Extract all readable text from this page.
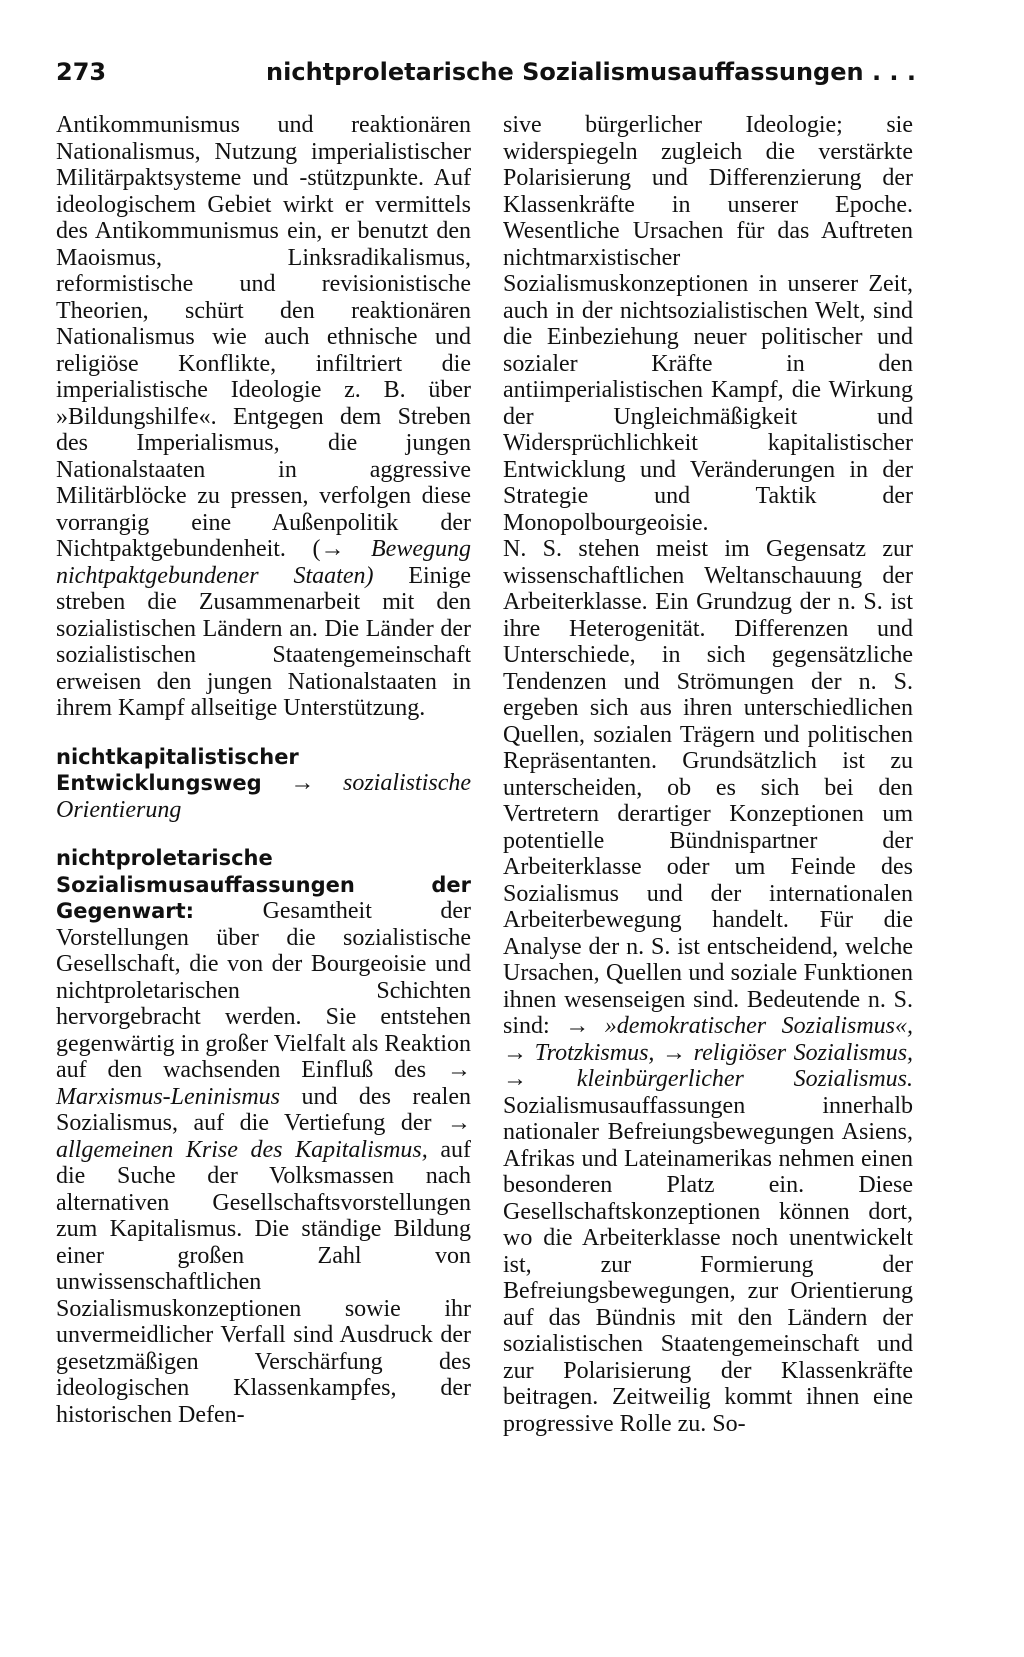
273	nichtproletarische Sozialismusauffassungen . . .

Antikommunismus und reaktionären Nationalismus, Nutzung imperialistischer Militärpaktsysteme und -stützpunkte. Auf ideologischem Gebiet wirkt er vermittels des Antikommunismus ein, er benutzt den Maoismus, Linksradikalismus, reformistische und revisionistische Theorien, schürt den reaktionären Nationalismus wie auch ethnische und religiöse Konflikte, infiltriert die imperialistische Ideologie z. B. über »Bildungshilfe«. Entgegen dem Streben des Imperialismus, die jungen Nationalstaaten in aggressive Militärblöcke zu pressen, verfolgen diese vorrangig eine Außenpolitik der Nichtpaktgebundenheit. (→ Bewegung nichtpaktgebundener Staaten) Einige streben die Zusammenarbeit mit den sozialistischen Ländern an. Die Länder der sozialistischen Staatengemeinschaft erweisen den jungen Nationalstaaten in ihrem Kampf allseitige Unterstützung.

nichtkapitalistischer Entwicklungsweg → sozialistische Orientierung

nichtproletarische Sozialismusauffassungen der Gegenwart: Gesamtheit der Vorstellungen über die sozialistische Gesellschaft, die von der Bourgeoisie und nichtproletarischen Schichten hervorgebracht werden. Sie entstehen gegenwärtig in großer Vielfalt als Reaktion auf den wachsenden Einfluß des → Marxismus-Leninismus und des realen Sozialismus, auf die Vertiefung der → allgemeinen Krise des Kapitalismus, auf die Suche der Volksmassen nach alternativen Gesellschaftsvorstellungen zum Kapitalismus. Die ständige Bildung einer großen Zahl von unwissenschaftlichen Sozialismuskonzeptionen sowie ihr unvermeidlicher Verfall sind Ausdruck der gesetzmäßigen Verschärfung des ideologischen Klassenkampfes, der historischen Defen-

sive bürgerlicher Ideologie; sie widerspiegeln zugleich die verstärkte Polarisierung und Differenzierung der Klassenkräfte in unserer Epoche. Wesentliche Ursachen für das Auftreten nichtmarxistischer Sozialismuskonzeptionen in unserer Zeit, auch in der nichtsozialistischen Welt, sind die Einbeziehung neuer politischer und sozialer Kräfte in den antiimperialistischen Kampf, die Wirkung der Ungleichmäßigkeit und Widersprüchlichkeit kapitalistischer Entwicklung und Veränderungen in der Strategie und Taktik der Monopolbourgeoisie.

N. S. stehen meist im Gegensatz zur wissenschaftlichen Weltanschauung der Arbeiterklasse. Ein Grundzug der n. S. ist ihre Heterogenität. Differenzen und Unterschiede, in sich gegensätzliche Tendenzen und Strömungen der n. S. ergeben sich aus ihren unterschiedlichen Quellen, sozialen Trägern und politischen Repräsentanten. Grundsätzlich ist zu unterscheiden, ob es sich bei den Vertretern derartiger Konzeptionen um potentielle Bündnispartner der Arbeiterklasse oder um Feinde des Sozialismus und der internationalen Arbeiterbewegung handelt. Für die Analyse der n. S. ist entscheidend, welche Ursachen, Quellen und soziale Funktionen ihnen wesenseigen sind. Bedeutende n. S. sind: → »demokratischer Sozialismus«, → Trotzkismus, → religiöser Sozialismus, → kleinbürgerlicher Sozialismus. Sozialismusauffassungen innerhalb nationaler Befreiungsbewegungen Asiens, Afrikas und Lateinamerikas nehmen einen besonderen Platz ein. Diese Gesellschaftskonzeptionen können dort, wo die Arbeiterklasse noch unentwickelt ist, zur Formierung der Befreiungsbewegungen, zur Orientierung auf das Bündnis mit den Ländern der sozialistischen Staatengemeinschaft und zur Polarisierung der Klassenkräfte beitragen. Zeitweilig kommt ihnen eine progressive Rolle zu. So-
